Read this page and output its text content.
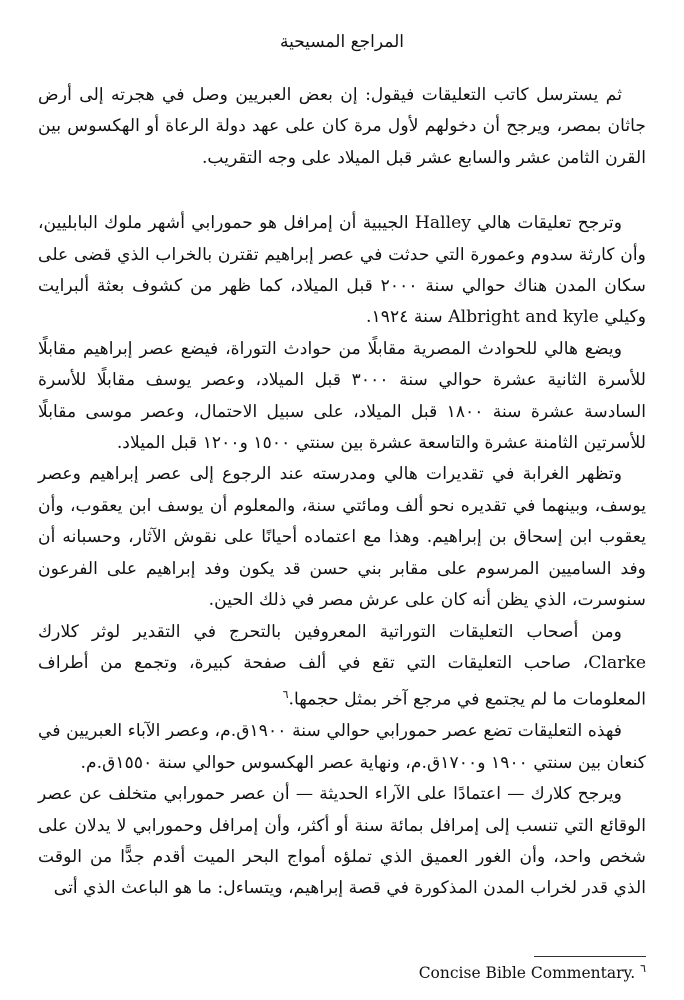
المراجع المسيحية

ثم يسترسل كاتب التعليقات فيقول: إن بعض العبريين وصل في هجرته إلى أرض جاثان بمصر، ويرجح أن دخولهم لأول مرة كان على عهد دولة الرعاة أو الهكسوس بين القرن الثامن عشر والسابع عشر قبل الميلاد على وجه التقريب.

وترجح تعليقات هالي Halley الجيبية أن إمرافل هو حمورابي أشهر ملوك البابليين، وأن كارثة سدوم وعمورة التي حدثت في عصر إبراهيم تقترن بالخراب الذي قضى على سكان المدن هناك حوالي سنة ٢٠٠٠ قبل الميلاد، كما ظهر من كشوف بعثة ألبرايت وكيلي Albright and kyle سنة ١٩٢٤.

ويضع هالي للحوادث المصرية مقابلًا من حوادث التوراة، فيضع عصر إبراهيم مقابلًا للأسرة الثانية عشرة حوالي سنة ٣٠٠٠ قبل الميلاد، وعصر يوسف مقابلًا للأسرة السادسة عشرة سنة ١٨٠٠ قبل الميلاد، على سبيل الاحتمال، وعصر موسى مقابلًا للأسرتين الثامنة عشرة والتاسعة عشرة بين سنتي ١٥٠٠ و١٢٠٠ قبل الميلاد.

وتظهر الغرابة في تقديرات هالي ومدرسته عند الرجوع إلى عصر إبراهيم وعصر يوسف، وبينهما في تقديره نحو ألف ومائتي سنة، والمعلوم أن يوسف ابن يعقوب، وأن يعقوب ابن إسحاق بن إبراهيم. وهذا مع اعتماده أحيانًا على نقوش الآثار، وحسبانه أن وفد الساميين المرسوم على مقابر بني حسن قد يكون وفد إبراهيم على الفرعون سنوسرت، الذي يظن أنه كان على عرش مصر في ذلك الحين.

ومن أصحاب التعليقات التوراتية المعروفين بالتحرج في التقدير لوثر كلارك Clarke، صاحب التعليقات التي تقع في ألف صفحة كبيرة، وتجمع من أطراف المعلومات ما لم يجتمع في مرجع آخر بمثل حجمها.$^٦$

فهذه التعليقات تضع عصر حمورابي حوالي سنة ١٩٠٠ق.م، وعصر الآباء العبريين في كنعان بين سنتي ١٩٠٠ و١٧٠٠ق.م، ونهاية عصر الهكسوس حوالي سنة ١٥٥٠ق.م.

ويرجح كلارك — اعتمادًا على الآراء الحديثة — أن عصر حمورابي متخلف عن عصر الوقائع التي تنسب إلى إمرافل بمائة سنة أو أكثر، وأن إمرافل وحمورابي لا يدلان على شخص واحد، وأن الغور العميق الذي تملؤه أمواج البحر الميت أقدم جدًّا من الوقت الذي قدر لخراب المدن المذكورة في قصة إبراهيم، ويتساءل: ما هو الباعث الذي أتى

$^٦$ Concise Bible Commentary.
